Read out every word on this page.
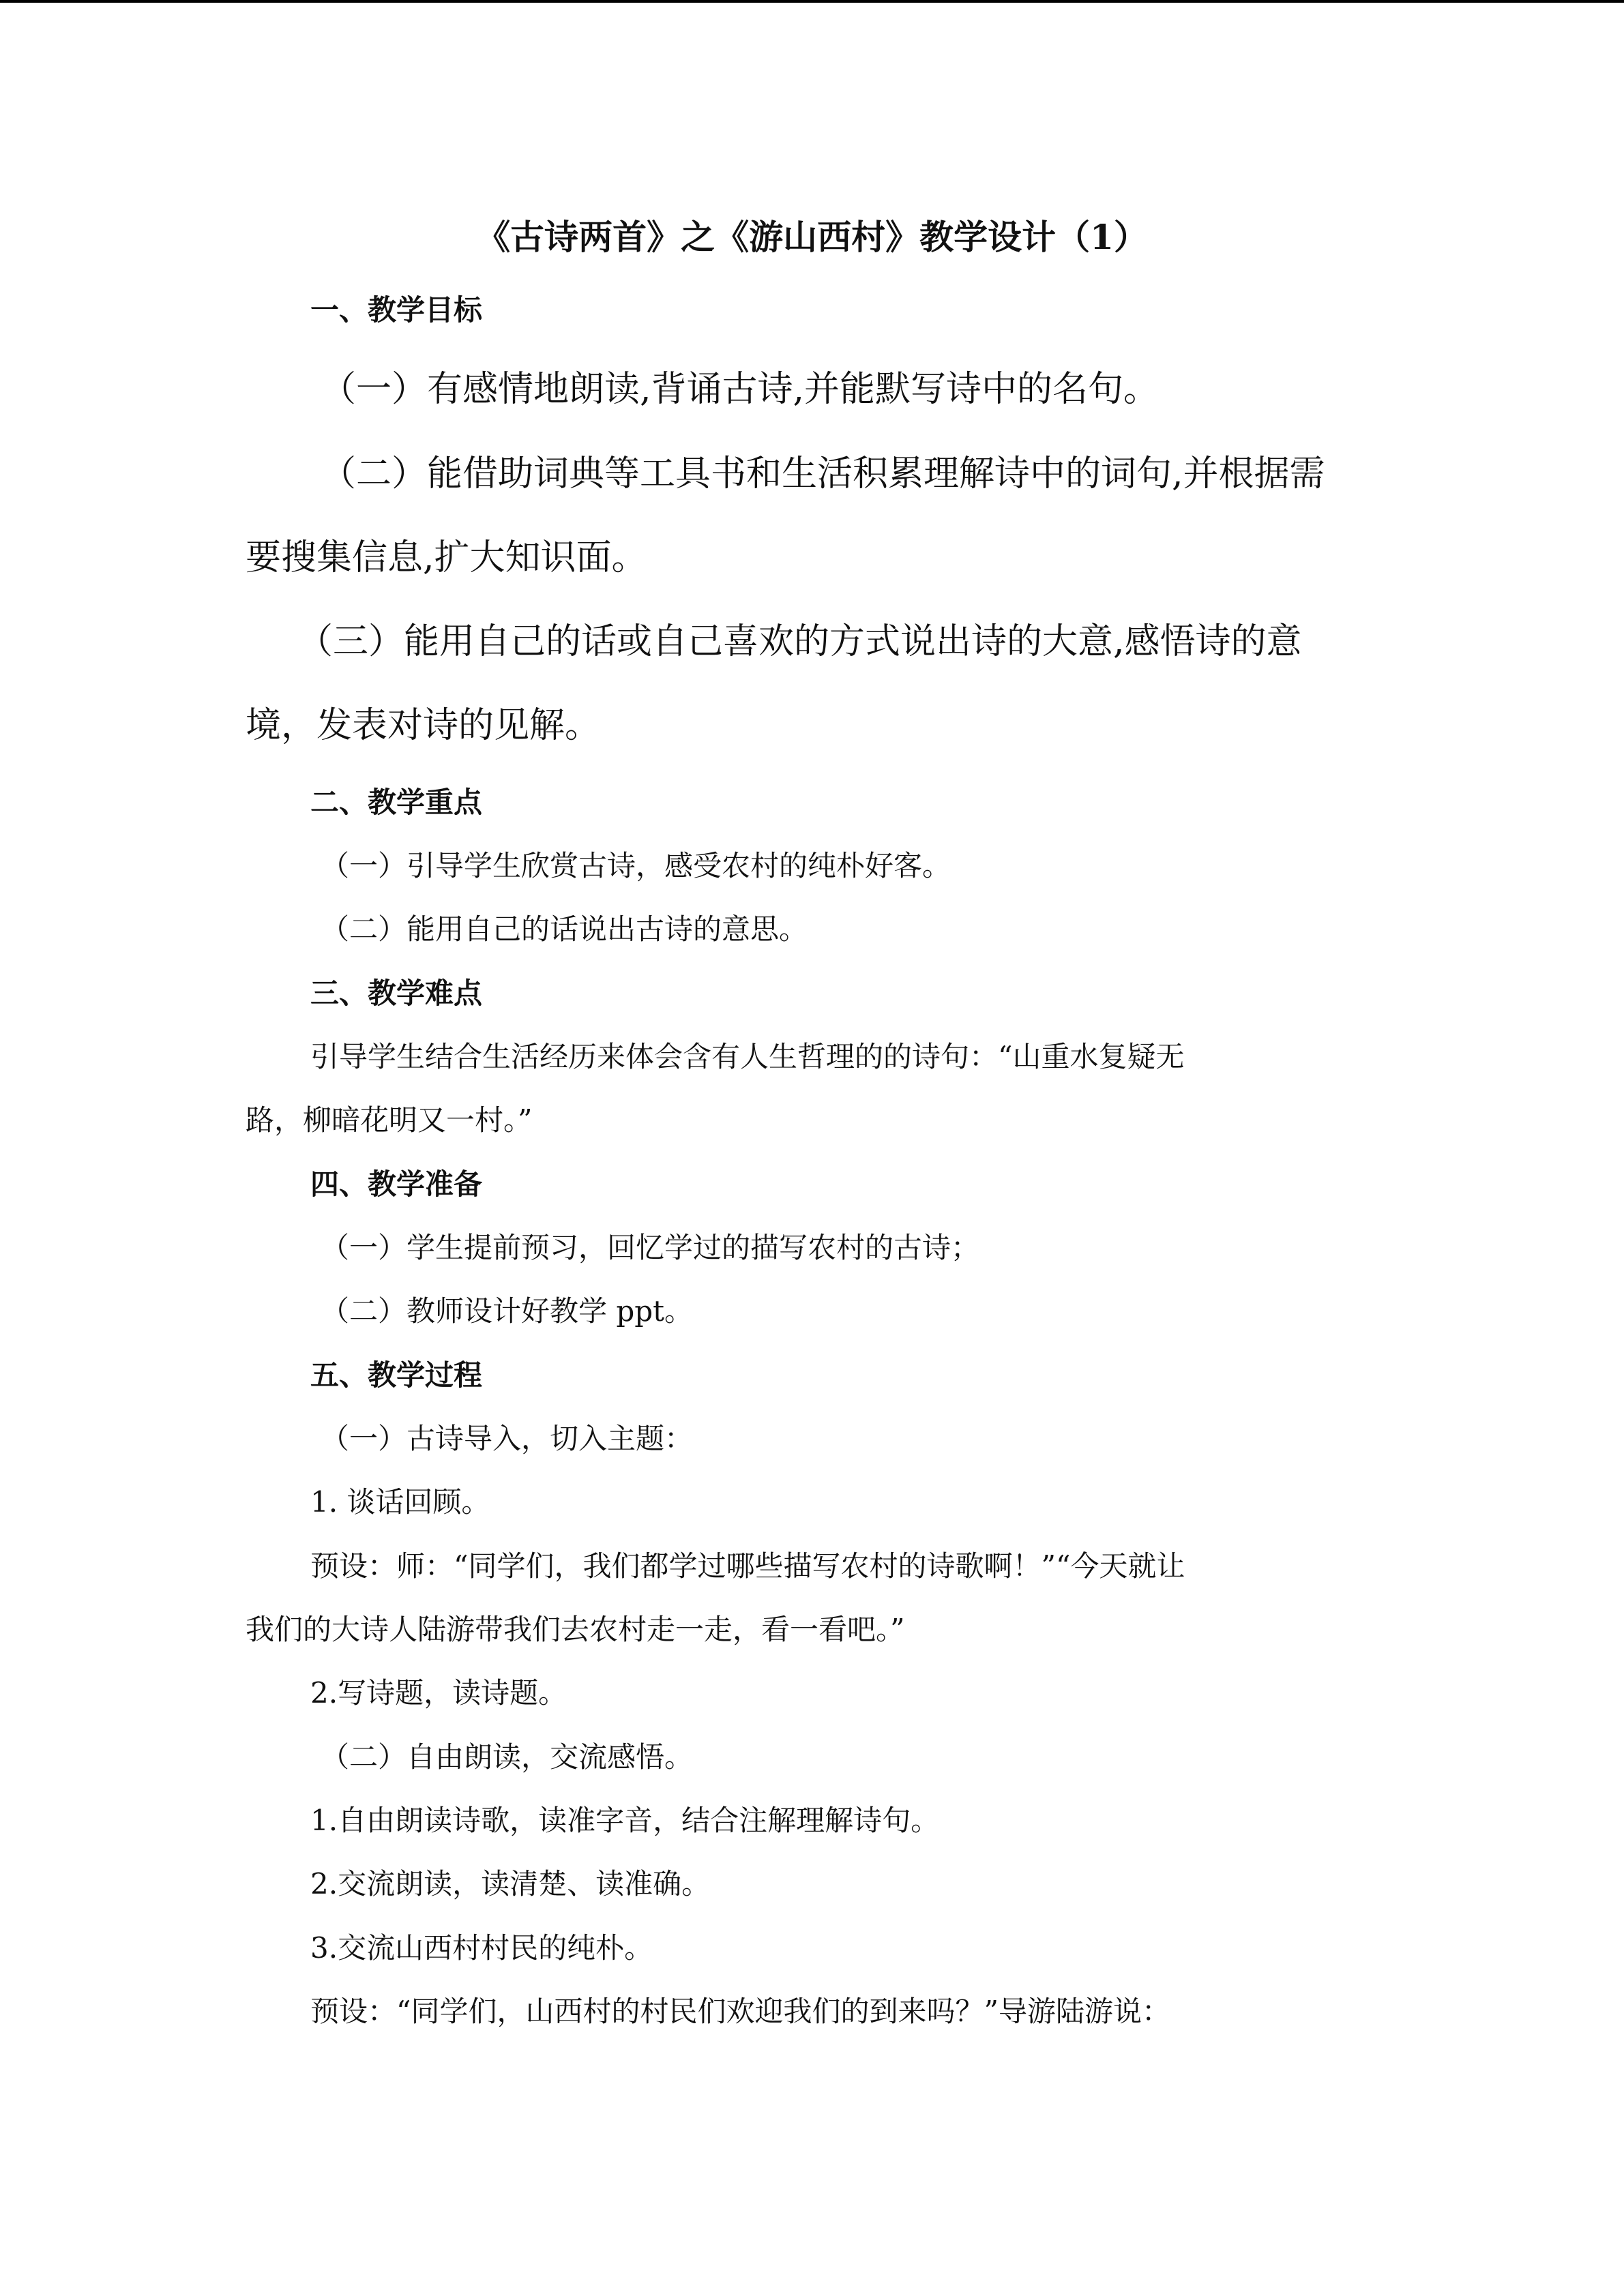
《古诗两首》之《游山西村》教学设计（1）

一、教学目标

（一）有感情地朗读,背诵古诗,并能默写诗中的名句。

（二）能借助词典等工具书和生活积累理解诗中的词句,并根据需

要搜集信息,扩大知识面。

（三）能用自己的话或自己喜欢的方式说出诗的大意,感悟诗的意

境，发表对诗的见解。

二、教学重点

（一）引导学生欣赏古诗，感受农村的纯朴好客。

（二）能用自己的话说出古诗的意思。

三、教学难点

引导学生结合生活经历来体会含有人生哲理的的诗句：“山重水复疑无

路，柳暗花明又一村。”

四、教学准备

（一）学生提前预习，回忆学过的描写农村的古诗；

（二）教师设计好教学 ppt。

五、教学过程

（一）古诗导入，切入主题：

1. 谈话回顾。

预设：师：“同学们，我们都学过哪些描写农村的诗歌啊！”“今天就让

我们的大诗人陆游带我们去农村走一走，看一看吧。”

2.写诗题，读诗题。

（二）自由朗读，交流感悟。

1.自由朗读诗歌，读准字音，结合注解理解诗句。

2.交流朗读，读清楚、读准确。

3.交流山西村村民的纯朴。

预设：“同学们，山西村的村民们欢迎我们的到来吗？”导游陆游说：
